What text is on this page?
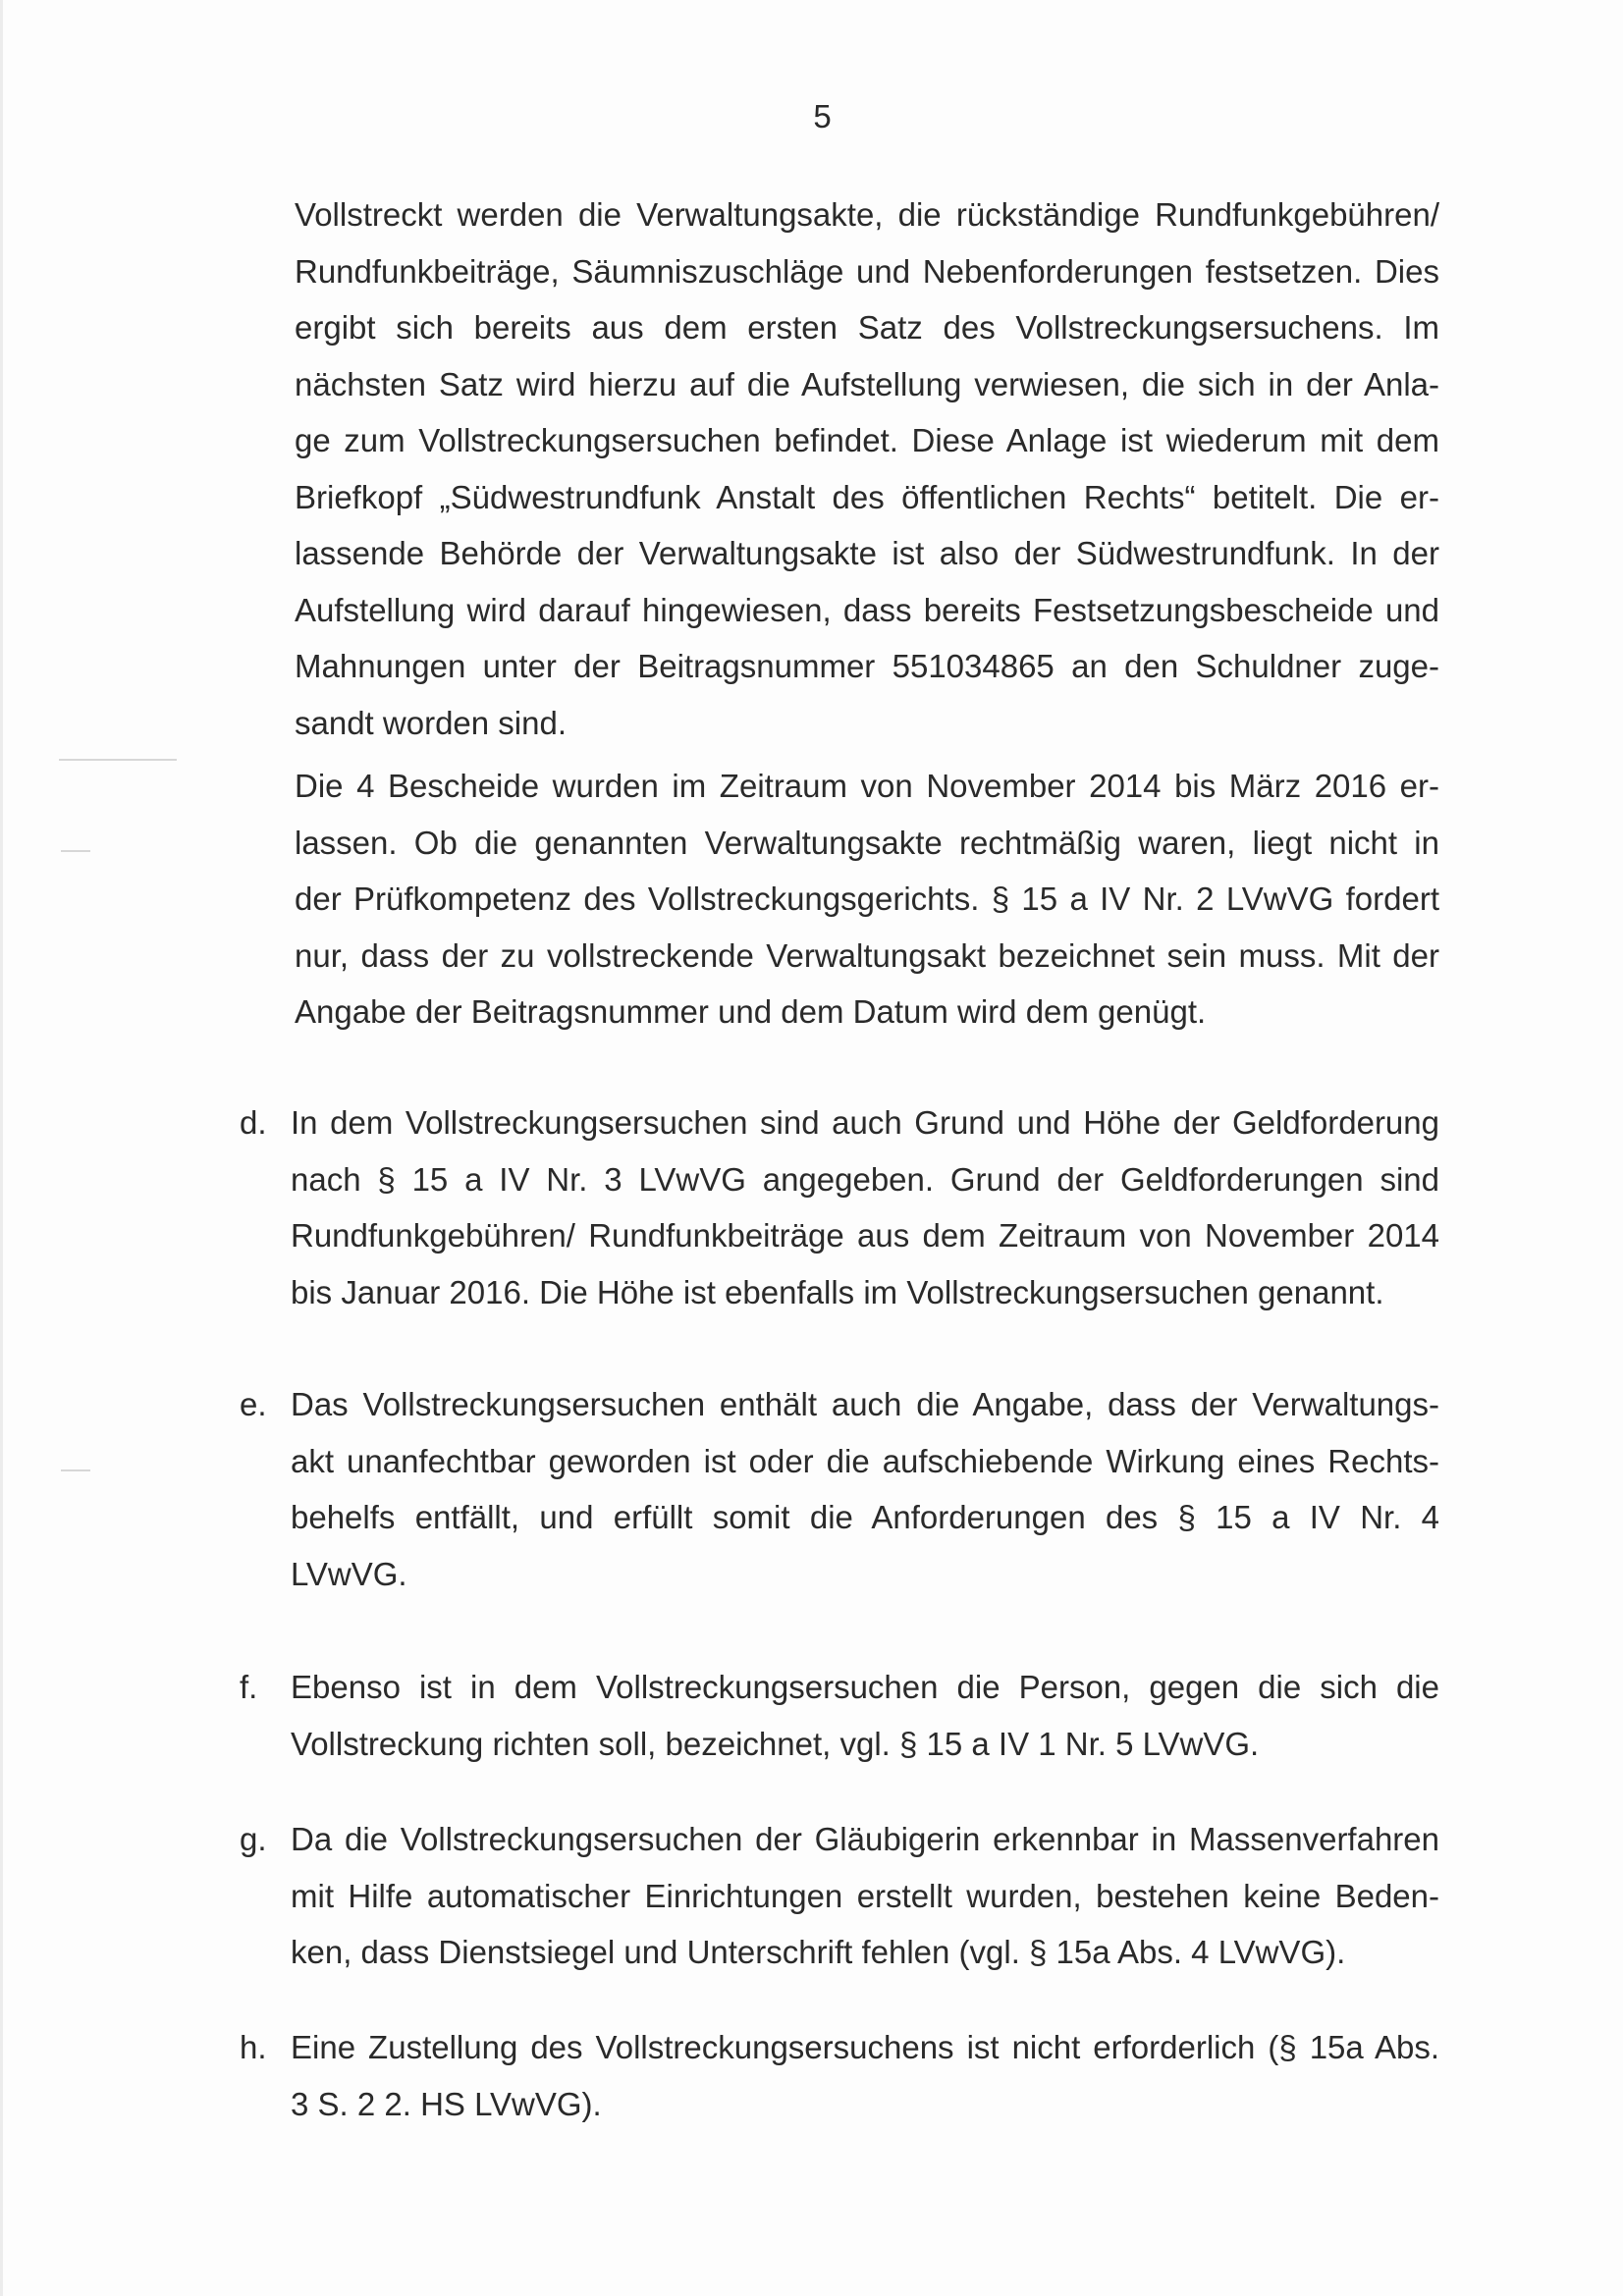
5
Vollstreckt werden die Verwaltungsakte, die rückständige Rundfunkgebühren/
Rundfunkbeiträge, Säumniszuschläge und Nebenforderungen festsetzen. Dies
ergibt sich bereits aus dem ersten Satz des Vollstreckungsersuchens. Im
nächsten Satz wird hierzu auf die Aufstellung verwiesen, die sich in der Anla-
ge zum Vollstreckungsersuchen befindet. Diese Anlage ist wiederum mit dem
Briefkopf „Südwestrundfunk Anstalt des öffentlichen Rechts“ betitelt. Die er-
lassende Behörde der Verwaltungsakte ist also der Südwestrundfunk. In der
Aufstellung wird darauf hingewiesen, dass bereits Festsetzungsbescheide und
Mahnungen unter der Beitragsnummer 551034865 an den Schuldner zuge-
sandt worden sind.
Die 4 Bescheide wurden im Zeitraum von November 2014 bis März 2016 er-
lassen. Ob die genannten Verwaltungsakte rechtmäßig waren, liegt nicht in
der Prüfkompetenz des Vollstreckungsgerichts. § 15 a IV Nr. 2 LVwVG fordert
nur, dass der zu vollstreckende Verwaltungsakt bezeichnet sein muss. Mit der
Angabe der Beitragsnummer und dem Datum wird dem genügt.
d. In dem Vollstreckungsersuchen sind auch Grund und Höhe der Geldforderung
nach § 15 a IV Nr. 3 LVwVG angegeben. Grund der Geldforderungen sind
Rundfunkgebühren/ Rundfunkbeiträge aus dem Zeitraum von November 2014
bis Januar 2016. Die Höhe ist ebenfalls im Vollstreckungsersuchen genannt.
e. Das Vollstreckungsersuchen enthält auch die Angabe, dass der Verwaltungs-
akt unanfechtbar geworden ist oder die aufschiebende Wirkung eines Rechts-
behelfs entfällt, und erfüllt somit die Anforderungen des § 15 a IV Nr. 4
LVwVG.
f.	Ebenso ist in dem Vollstreckungsersuchen die Person, gegen die sich die
Vollstreckung richten soll, bezeichnet, vgl. § 15 a IV 1 Nr. 5 LVwVG.
g. Da die Vollstreckungsersuchen der Gläubigerin erkennbar in Massenverfahren
mit Hilfe automatischer Einrichtungen erstellt wurden, bestehen keine Beden-
ken, dass Dienstsiegel und Unterschrift fehlen (vgl. § 15a Abs. 4 LVwVG).
h. Eine Zustellung des Vollstreckungsersuchens ist nicht erforderlich (§ 15a Abs.
3 S. 2 2. HS LVwVG).
